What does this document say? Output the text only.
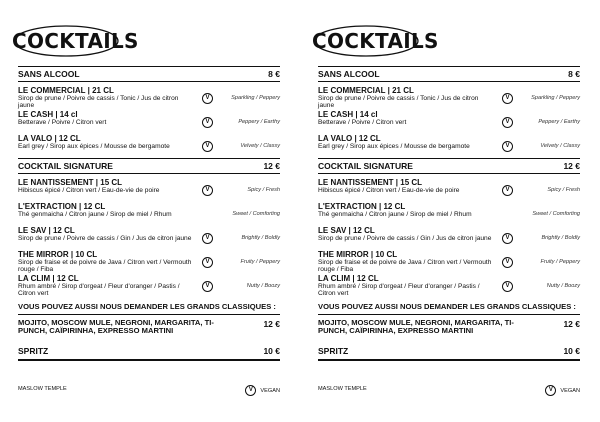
COCKTAILS
SANS ALCOOL	8 €
LE COMMERCIAL | 21 CL
Sirop de prune / Poivre de cassis / Tonic / Jus de citron jaune
V	Sparkling / Peppery
LE CASH | 14 cl
Betterave / Poivre / Citron vert	V	Peppery / Earthy
LA VALO | 12 CL
Earl grey / Sirop aux épices / Mousse de bergamote	V	Velvety / Classy
COCKTAIL SIGNATURE	12 €
LE NANTISSEMENT | 15 CL
Hibiscus épicé / Citron vert / Eau-de-vie de poire	V	Spicy / Fresh
L'EXTRACTION | 12 CL
Thé genmaicha / Citron jaune / Sirop de miel / Rhum	Sweet / Comforting
LE SAV | 12 CL
Sirop de prune / Poivre de cassis / Gin / Jus de citron jaune	V	Brightly / Boldly
THE MIRROR | 10 CL
Sirop de fraise et de poivre de Java / Citron vert / Vermouth rouge / Fiba
V	Fruity / Peppery
LA CLIM | 12 CL
Rhum ambré / Sirop d'orgeat / Fleur d'oranger / Pastis / Citron vert
V	Nutty / Boozy
VOUS POUVEZ AUSSI NOUS DEMANDER LES GRANDS CLASSIQUES :
MOJITO, MOSCOW MULE, NEGRONI, MARGARITA, TI-PUNCH, CAÏPIRINHA, EXPRESSO MARTINI
12 €
SPRITZ	10 €
MASLOW TEMPLE	V	VEGAN
COCKTAILS
SANS ALCOOL	8 €
LE COMMERCIAL | 21 CL
Sirop de prune / Poivre de cassis / Tonic / Jus de citron jaune
V	Sparkling / Peppery
LE CASH | 14 cl
Betterave / Poivre / Citron vert	V	Peppery / Earthy
LA VALO | 12 CL
Earl grey / Sirop aux épices / Mousse de bergamote	V	Velvety / Classy
COCKTAIL SIGNATURE	12 €
LE NANTISSEMENT | 15 CL
Hibiscus épicé / Citron vert / Eau-de-vie de poire	V	Spicy / Fresh
L'EXTRACTION | 12 CL
Thé genmaicha / Citron jaune / Sirop de miel / Rhum	Sweet / Comforting
LE SAV | 12 CL
Sirop de prune / Poivre de cassis / Gin / Jus de citron jaune	V	Brightly / Boldly
THE MIRROR | 10 CL
Sirop de fraise et de poivre de Java / Citron vert / Vermouth rouge / Fiba
V	Fruity / Peppery
LA CLIM | 12 CL
Rhum ambré / Sirop d'orgeat / Fleur d'oranger / Pastis / Citron vert
V	Nutty / Boozy
VOUS POUVEZ AUSSI NOUS DEMANDER LES GRANDS CLASSIQUES :
MOJITO, MOSCOW MULE, NEGRONI, MARGARITA, TI-PUNCH, CAÏPIRINHA, EXPRESSO MARTINI
12 €
SPRITZ	10 €
MASLOW TEMPLE	V	VEGAN
